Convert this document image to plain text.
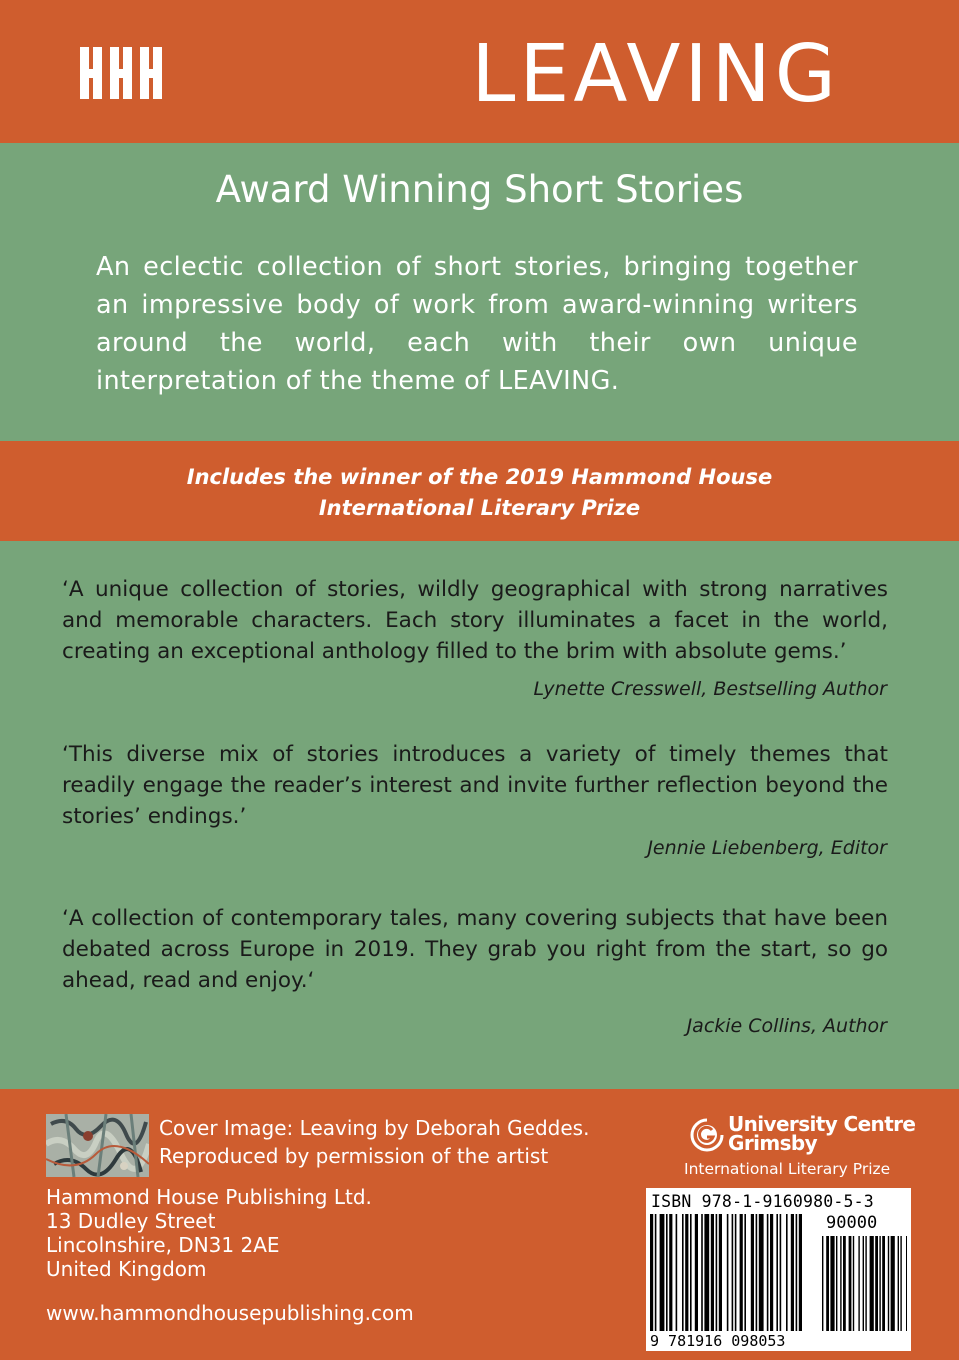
LEAVING
Award Winning Short Stories
An eclectic collection of short stories, bringing together an impressive body of work from award-winning writers around the world, each with their own unique interpretation of the theme of LEAVING.
Includes the winner of the 2019 Hammond House
International Literary Prize
‘A unique collection of stories, wildly geographical with strong narratives and memorable characters. Each story illuminates a facet in the world, creating an exceptional anthology filled to the brim with absolute gems.’
Lynette Cresswell, Bestselling Author
‘This diverse mix of stories introduces a variety of timely themes that readily engage the reader’s interest and invite further reflection beyond the stories’ endings.’
Jennie Liebenberg, Editor
‘A collection of contemporary tales, many covering subjects that have been debated across Europe in 2019. They grab you right from the start, so go ahead, read and enjoy.‘
Jackie Collins, Author
Cover Image: Leaving by Deborah Geddes.
Reproduced by permission of the artist
Hammond House Publishing Ltd.
13 Dudley Street
Lincolnshire, DN31 2AE
United Kingdom
www.hammondhousepublishing.com
University Centre
Grimsby
International Literary Prize
ISBN 978-1-9160980-5-3
90000
9 781916 098053
